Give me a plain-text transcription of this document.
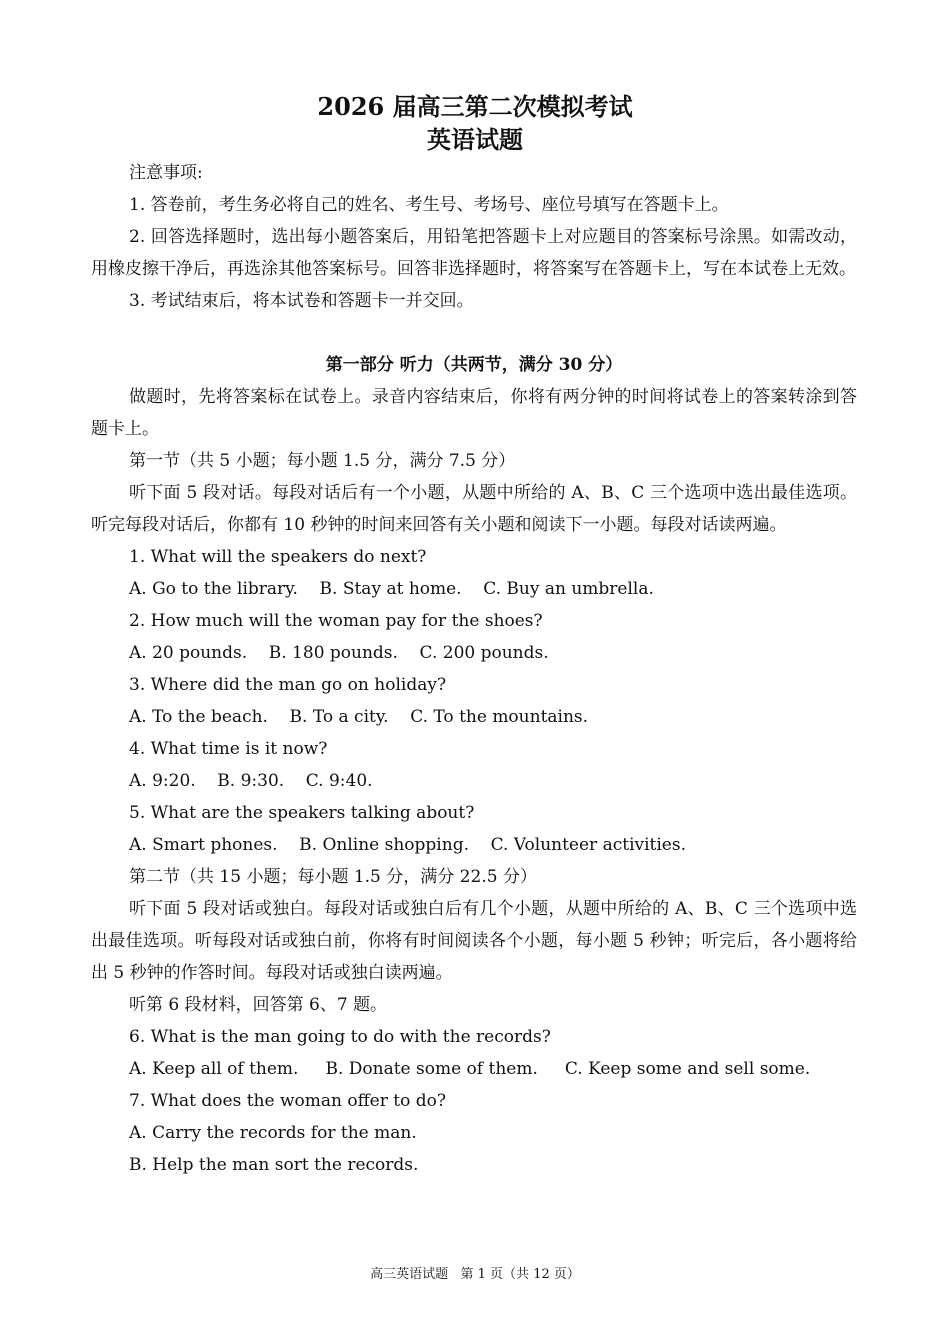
2026 届高三第二次模拟考试
英语试题

注意事项:

1. 答卷前，考生务必将自己的姓名、考生号、考场号、座位号填写在答题卡上。

2. 回答选择题时，选出每小题答案后，用铅笔把答题卡上对应题目的答案标号涂黑。如需改动，用橡皮擦干净后，再选涂其他答案标号。回答非选择题时，将答案写在答题卡上，写在本试卷上无效。

3. 考试结束后，将本试卷和答题卡一并交回。

第一部分 听力（共两节，满分 30 分）

做题时，先将答案标在试卷上。录音内容结束后，你将有两分钟的时间将试卷上的答案转涂到答题卡上。

第一节（共 5 小题；每小题 1.5 分，满分 7.5 分）

听下面 5 段对话。每段对话后有一个小题，从题中所给的 A、B、C 三个选项中选出最佳选项。听完每段对话后，你都有 10 秒钟的时间来回答有关小题和阅读下一小题。每段对话读两遍。

1. What will the speakers do next?

A. Go to the library.    B. Stay at home.    C. Buy an umbrella.

2. How much will the woman pay for the shoes?

A. 20 pounds.    B. 180 pounds.    C. 200 pounds.

3. Where did the man go on holiday?

A. To the beach.    B. To a city.    C. To the mountains.

4. What time is it now?

A. 9:20.    B. 9:30.    C. 9:40.

5. What are the speakers talking about?

A. Smart phones.    B. Online shopping.    C. Volunteer activities.

第二节（共 15 小题；每小题 1.5 分，满分 22.5 分）

听下面 5 段对话或独白。每段对话或独白后有几个小题，从题中所给的 A、B、C 三个选项中选出最佳选项。听每段对话或独白前，你将有时间阅读各个小题，每小题 5 秒钟；听完后，各小题将给出 5 秒钟的作答时间。每段对话或独白读两遍。

听第 6 段材料，回答第 6、7 题。

6. What is the man going to do with the records?

A. Keep all of them.     B. Donate some of them.     C. Keep some and sell some.

7. What does the woman offer to do?

A. Carry the records for the man.

B. Help the man sort the records.

高三英语试题   第 1 页（共 12 页）
